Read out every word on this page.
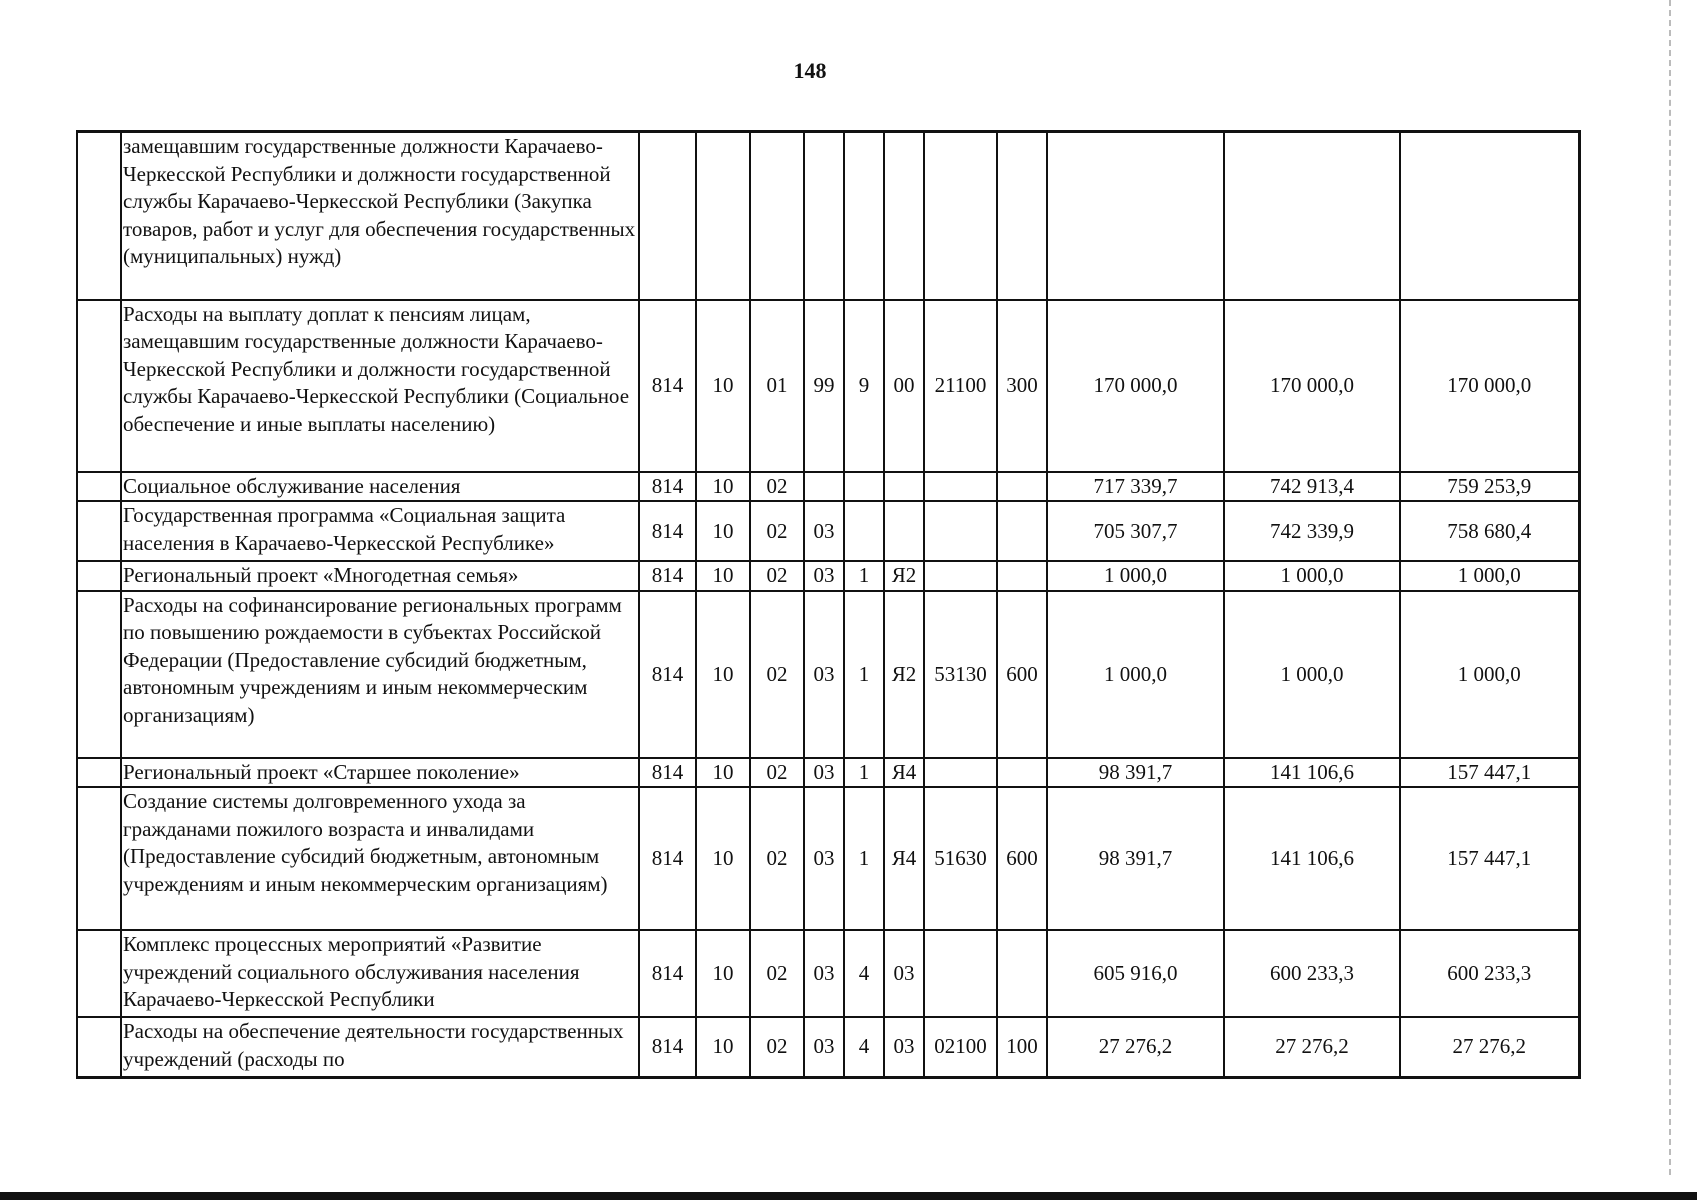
148
	замещавшим государственные должности Карачаево-Черкесской Республики и должности государственной службы Карачаево-Черкесской Республики (Закупка товаров, работ и услуг для обеспечения государственных (муниципальных) нужд)											
	Расходы на выплату доплат к пенсиям лицам, замещавшим государственные должности Карачаево-Черкесской Республики и должности государственной службы Карачаево-Черкесской Республики (Социальное обеспечение и иные выплаты населению)	814	10	01	99	9	00	21100	300	170 000,0	170 000,0	170 000,0
	Социальное обслуживание населения	814	10	02						717 339,7	742 913,4	759 253,9
	Государственная программа «Социальная защита населения в Карачаево-Черкесской Республике»	814	10	02	03					705 307,7	742 339,9	758 680,4
	Региональный проект «Многодетная семья»	814	10	02	03	1	Я2			1 000,0	1 000,0	1 000,0
	Расходы на софинансирование региональных программ по повышению рождаемости в субъектах Российской Федерации (Предоставление субсидий бюджетным, автономным учреждениям и иным некоммерческим организациям)	814	10	02	03	1	Я2	53130	600	1 000,0	1 000,0	1 000,0
	Региональный проект «Старшее поколение»	814	10	02	03	1	Я4			98 391,7	141 106,6	157 447,1
	Создание системы долговременного ухода за гражданами пожилого возраста и инвалидами (Предоставление субсидий бюджетным, автономным учреждениям и иным некоммерческим организациям)	814	10	02	03	1	Я4	51630	600	98 391,7	141 106,6	157 447,1
	Комплекс процессных мероприятий «Развитие учреждений социального обслуживания населения Карачаево-Черкесской Республики	814	10	02	03	4	03			605 916,0	600 233,3	600 233,3
	Расходы на обеспечение деятельности государственных учреждений (расходы по	814	10	02	03	4	03	02100	100	27 276,2	27 276,2	27 276,2
